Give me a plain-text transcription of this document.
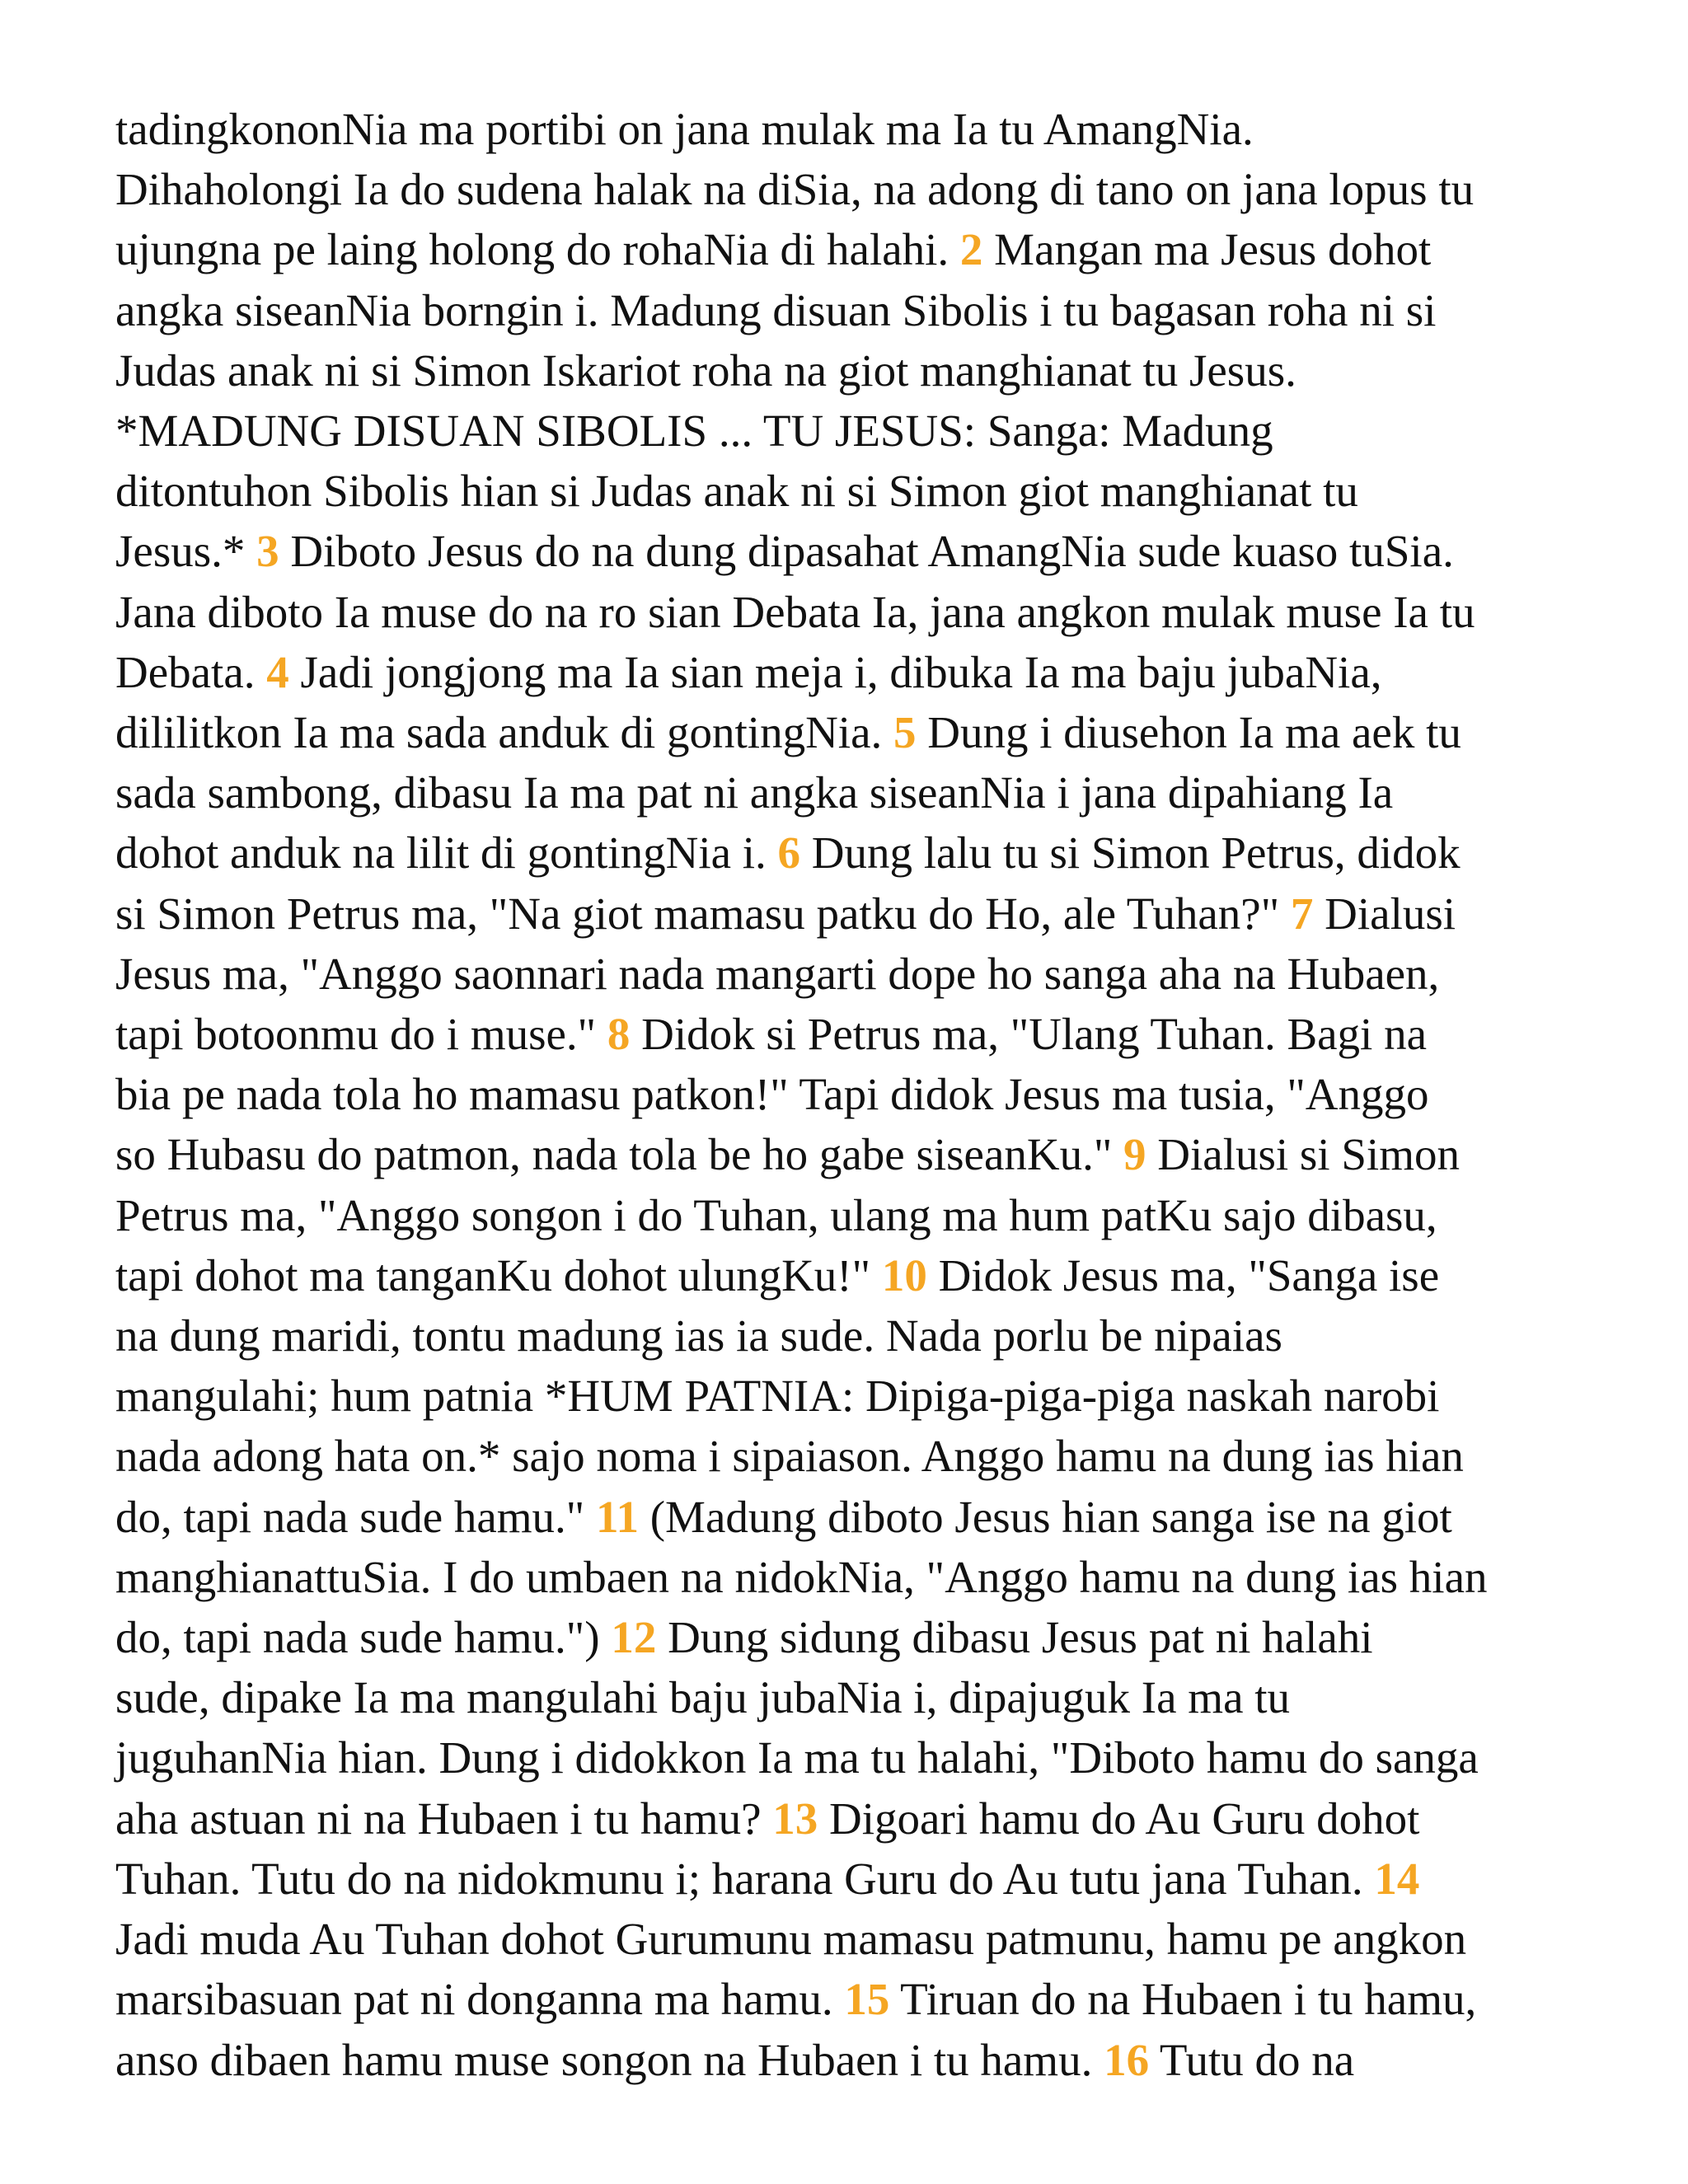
tadingkononNia ma portibi on jana mulak ma Ia tu AmangNia.
Dihaholongi Ia do sudena halak na diSia, na adong di tano on jana lopus tu
ujungna pe laing holong do rohaNia di halahi. 2 Mangan ma Jesus dohot
angka siseanNia borngin i. Madung disuan Sibolis i tu bagasan roha ni si
Judas anak ni si Simon Iskariot roha na giot manghianat tu Jesus.
*MADUNG DISUAN SIBOLIS ... TU JESUS: Sanga: Madung
ditontuhon Sibolis hian si Judas anak ni si Simon giot manghianat tu
Jesus.* 3 Diboto Jesus do na dung dipasahat AmangNia sude kuaso tuSia.
Jana diboto Ia muse do na ro sian Debata Ia, jana angkon mulak muse Ia tu
Debata. 4 Jadi jongjong ma Ia sian meja i, dibuka Ia ma baju jubaNia,
dililitkon Ia ma sada anduk di gontingNia. 5 Dung i diusehon Ia ma aek tu
sada sambong, dibasu Ia ma pat ni angka siseanNia i jana dipahiang Ia
dohot anduk na lilit di gontingNia i. 6 Dung lalu tu si Simon Petrus, didok
si Simon Petrus ma, "Na giot mamasu patku do Ho, ale Tuhan?" 7 Dialusi
Jesus ma, "Anggo saonnari nada mangarti dope ho sanga aha na Hubaen,
tapi botoonmu do i muse." 8 Didok si Petrus ma, "Ulang Tuhan. Bagi na
bia pe nada tola ho mamasu patkon!" Tapi didok Jesus ma tusia, "Anggo
so Hubasu do patmon, nada tola be ho gabe siseanKu." 9 Dialusi si Simon
Petrus ma, "Anggo songon i do Tuhan, ulang ma hum patKu sajo dibasu,
tapi dohot ma tanganKu dohot ulungKu!" 10 Didok Jesus ma, "Sanga ise
na dung maridi, tontu madung ias ia sude. Nada porlu be nipaias
mangulahi; hum patnia *HUM PATNIA: Dipiga-piga-piga naskah narobi
nada adong hata on.* sajo noma i sipaiason. Anggo hamu na dung ias hian
do, tapi nada sude hamu." 11 (Madung diboto Jesus hian sanga ise na giot
manghianattuSia. I do umbaen na nidokNia, "Anggo hamu na dung ias hian
do, tapi nada sude hamu.") 12 Dung sidung dibasu Jesus pat ni halahi
sude, dipake Ia ma mangulahi baju jubaNia i, dipajuguk Ia ma tu
juguhanNia hian. Dung i didokkon Ia ma tu halahi, "Diboto hamu do sanga
aha astuan ni na Hubaen i tu hamu? 13 Digoari hamu do Au Guru dohot
Tuhan. Tutu do na nidokmunu i; harana Guru do Au tutu jana Tuhan. 14
Jadi muda Au Tuhan dohot Gurumunu mamasu patmunu, hamu pe angkon
marsibasuan pat ni donganna ma hamu. 15 Tiruan do na Hubaen i tu hamu,
anso dibaen hamu muse songon na Hubaen i tu hamu. 16 Tutu do na
